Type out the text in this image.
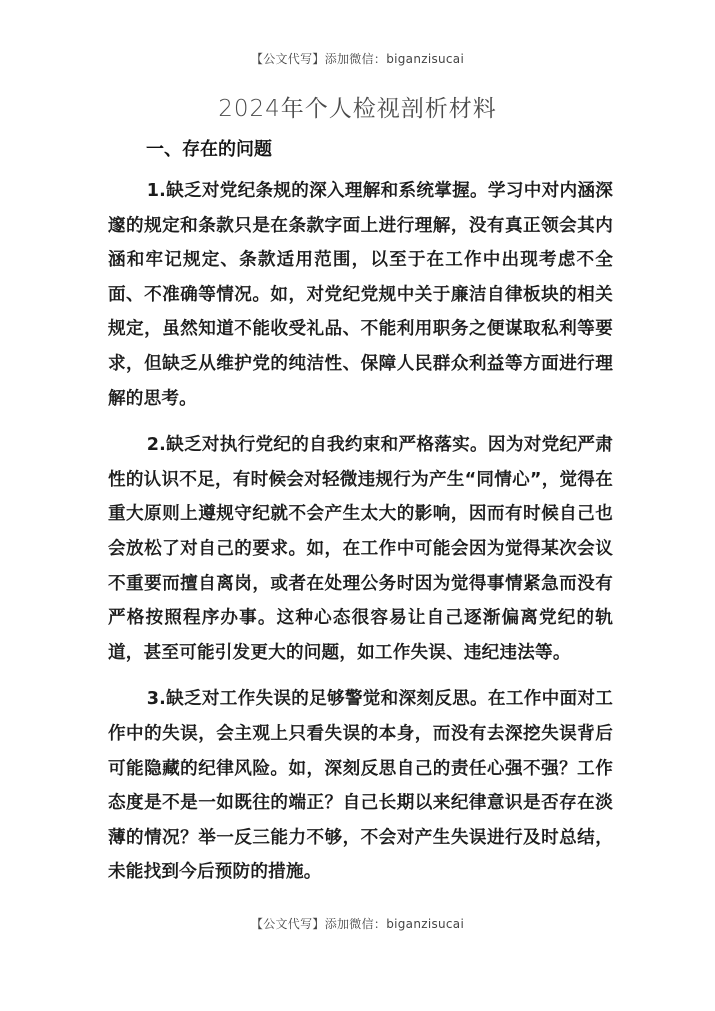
【公文代写】添加微信：biganzisucai
2024年个人检视剖析材料
一、存在的问题

1.缺乏对党纪条规的深入理解和系统掌握。学习中对内涵深邃的规定和条款只是在条款字面上进行理解，没有真正领会其内涵和牢记规定、条款适用范围，以至于在工作中出现考虑不全面、不准确等情况。如，对党纪党规中关于廉洁自律板块的相关规定，虽然知道不能收受礼品、不能利用职务之便谋取私利等要求，但缺乏从维护党的纯洁性、保障人民群众利益等方面进行理解的思考。

2.缺乏对执行党纪的自我约束和严格落实。因为对党纪严肃性的认识不足，有时候会对轻微违规行为产生“同情心”，觉得在重大原则上遵规守纪就不会产生太大的影响，因而有时候自己也会放松了对自己的要求。如，在工作中可能会因为觉得某次会议不重要而擅自离岗，或者在处理公务时因为觉得事情紧急而没有严格按照程序办事。这种心态很容易让自己逐渐偏离党纪的轨道，甚至可能引发更大的问题，如工作失误、违纪违法等。

3.缺乏对工作失误的足够警觉和深刻反思。在工作中面对工作中的失误，会主观上只看失误的本身，而没有去深挖失误背后可能隐藏的纪律风险。如，深刻反思自己的责任心强不强？工作态度是不是一如既往的端正？自己长期以来纪律意识是否存在淡薄的情况？举一反三能力不够，不会对产生失误进行及时总结，未能找到今后预防的措施。

【公文代写】添加微信：biganzisucai
